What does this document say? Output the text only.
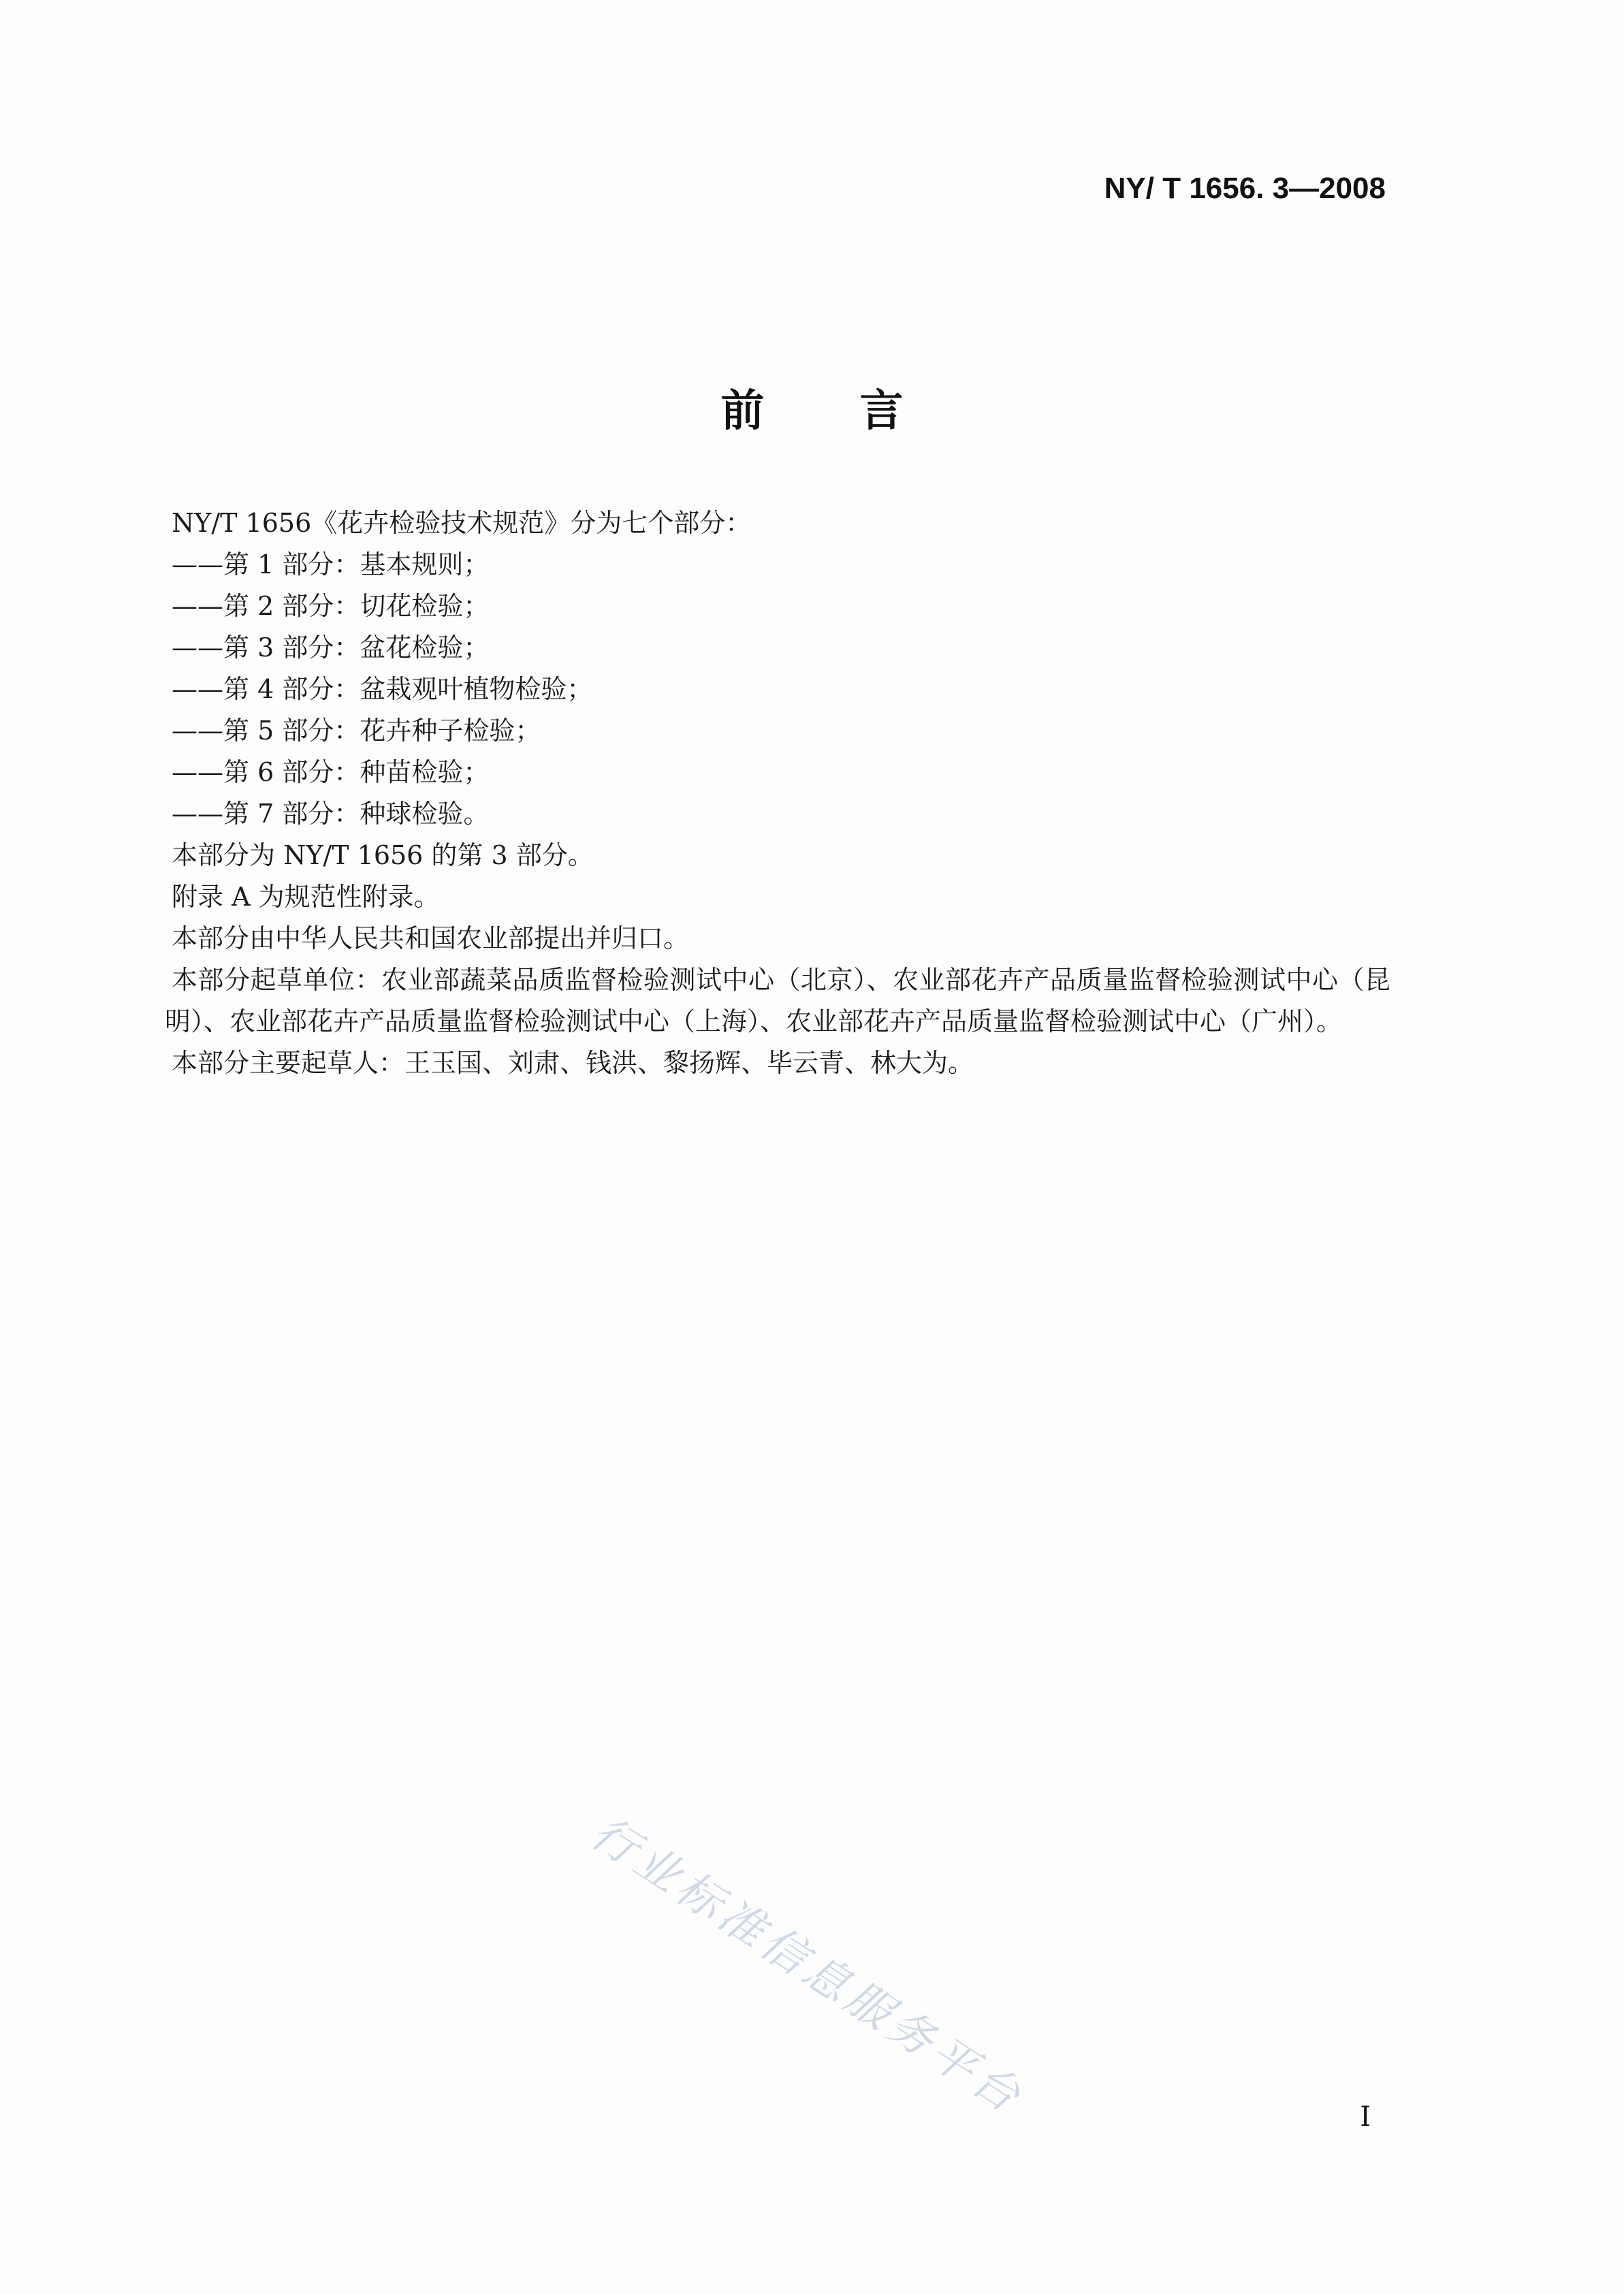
NY/ T 1656. 3—2008
前言

NY/T 1656《花卉检验技术规范》分为七个部分：

——第 1 部分：基本规则；

——第 2 部分：切花检验；

——第 3 部分：盆花检验；

——第 4 部分：盆栽观叶植物检验；

——第 5 部分：花卉种子检验；

——第 6 部分：种苗检验；

——第 7 部分：种球检验。

本部分为 NY/T 1656 的第 3 部分。

附录 A 为规范性附录。

本部分由中华人民共和国农业部提出并归口。

本部分起草单位：农业部蔬菜品质监督检验测试中心（北京）、农业部花卉产品质量监督检验测试中心（昆明）、农业部花卉产品质量监督检验测试中心（上海）、农业部花卉产品质量监督检验测试中心（广州）。

本部分主要起草人：王玉国、刘肃、钱洪、黎扬辉、毕云青、林大为。

行业标准信息服务平台	I
